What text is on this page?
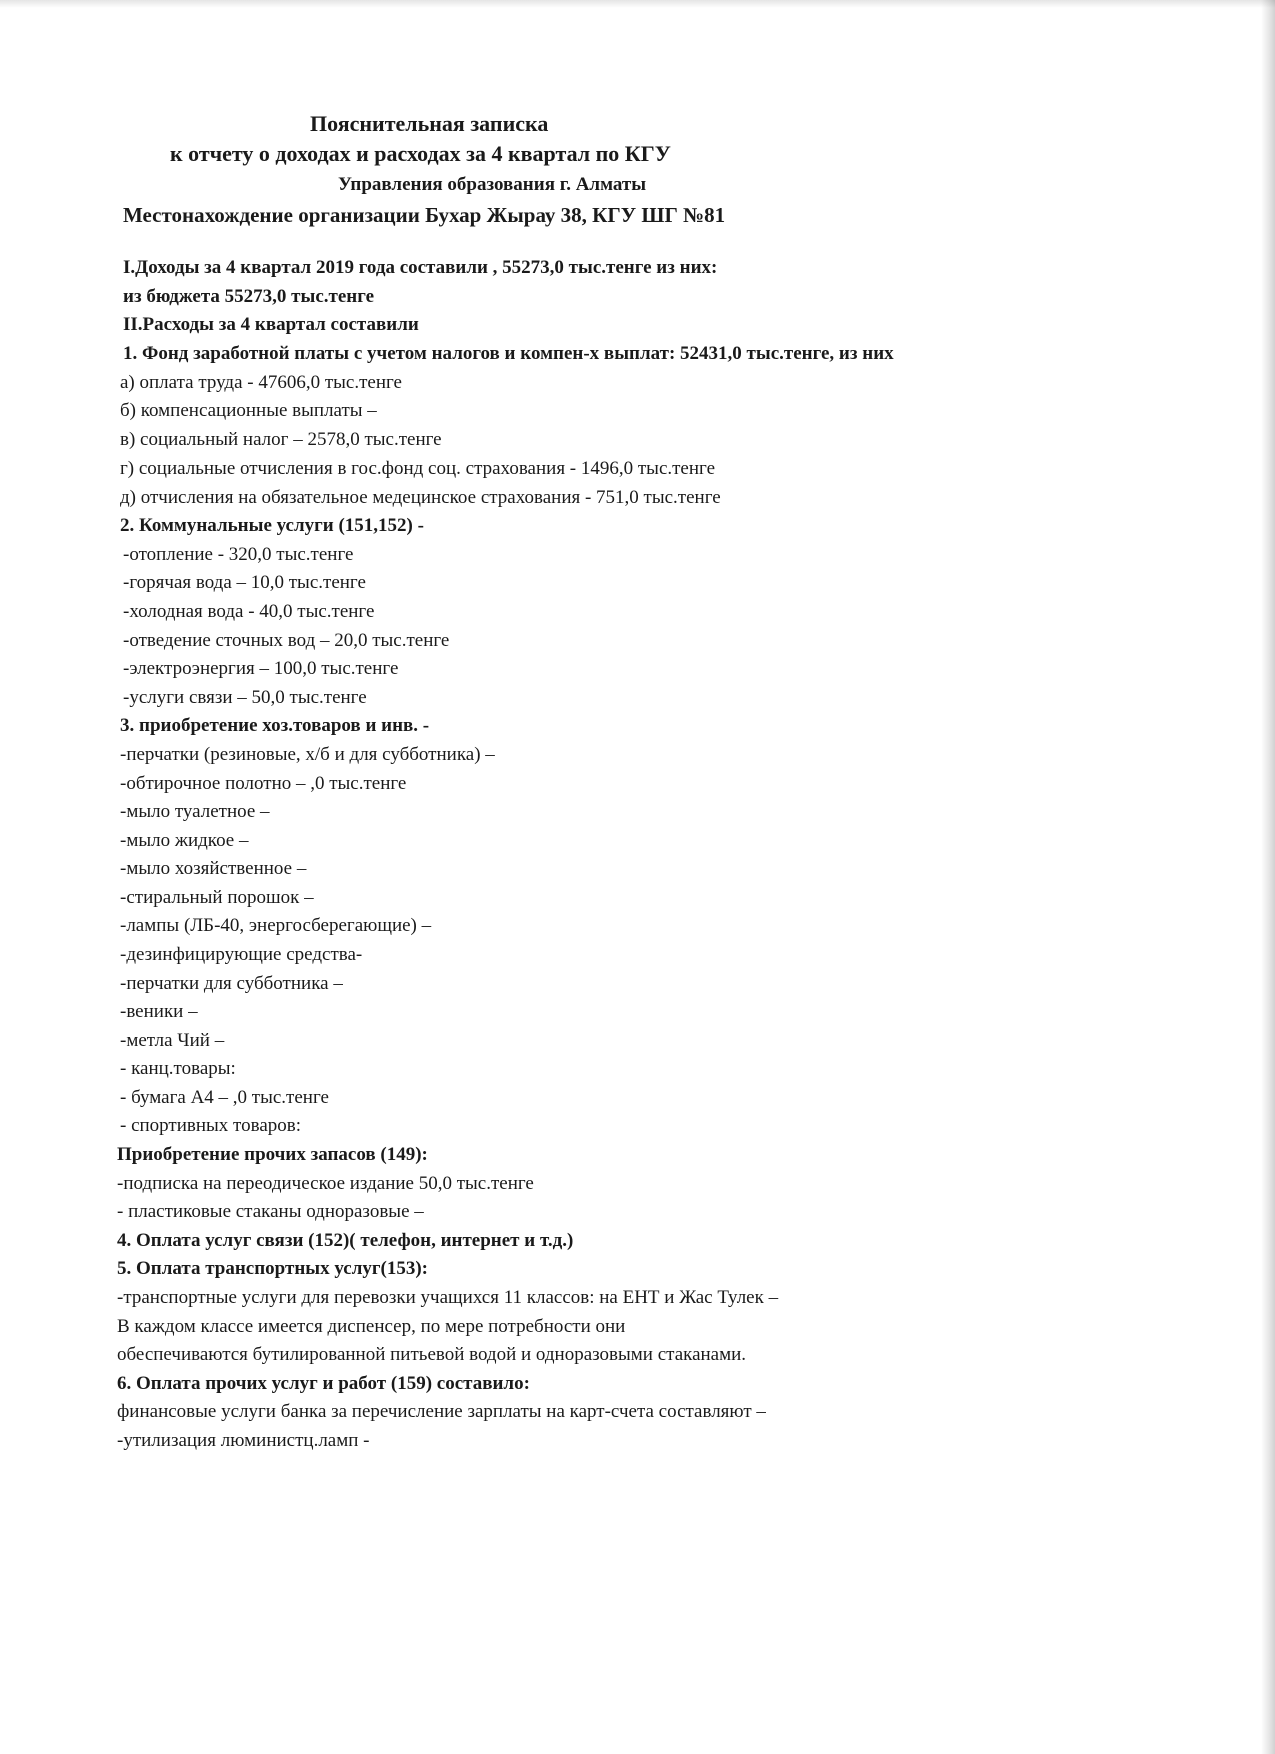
Пояснительная записка
к отчету о доходах и расходах за 4 квартал по КГУ
Управления образования г. Алматы
Местонахождение организации Бухар Жырау 38, КГУ ШГ №81
I.Доходы за 4 квартал 2019 года составили , 55273,0 тыс.тенге из них:
из бюджета 55273,0 тыс.тенге
II.Расходы за 4 квартал составили
1. Фонд заработной платы с учетом налогов и компен-х выплат: 52431,0 тыс.тенге, из них
а) оплата труда - 47606,0 тыс.тенге
б) компенсационные выплаты –
в) социальный налог – 2578,0 тыс.тенге
г) социальные отчисления в гос.фонд соц. страхования - 1496,0 тыс.тенге
д) отчисления на обязательное медецинское страхования - 751,0 тыс.тенге
2. Коммунальные услуги (151,152) -
-отопление - 320,0 тыс.тенге
-горячая вода – 10,0 тыс.тенге
-холодная вода - 40,0 тыс.тенге
-отведение сточных вод – 20,0 тыс.тенге
-электроэнергия – 100,0 тыс.тенге
-услуги связи – 50,0 тыс.тенге
3. приобретение хоз.товаров и инв. -
-перчатки (резиновые, х/б и для субботника) –
-обтирочное полотно – ,0 тыс.тенге
-мыло туалетное –
-мыло жидкое –
-мыло хозяйственное –
-стиральный порошок –
-лампы (ЛБ-40, энергосберегающие) –
-дезинфицирующие средства-
-перчатки для субботника –
-веники –
-метла Чий –
- канц.товары:
- бумага А4 – ,0 тыс.тенге
- спортивных товаров:
Приобретение прочих запасов (149):
-подписка на переодическое издание 50,0 тыс.тенге
- пластиковые стаканы одноразовые –
4. Оплата услуг связи (152)( телефон, интернет и т.д.)
5. Оплата транспортных услуг(153):
-транспортные услуги для перевозки учащихся 11 классов: на ЕНТ и Жас Тулек –
В каждом классе имеется диспенсер, по мере потребности они
обеспечиваются бутилированной питьевой водой и одноразовыми стаканами.
6. Оплата прочих услуг и работ (159) составило:
финансовые услуги банка за перечисление зарплаты на карт-счета составляют –
-утилизация люминистц.ламп -
